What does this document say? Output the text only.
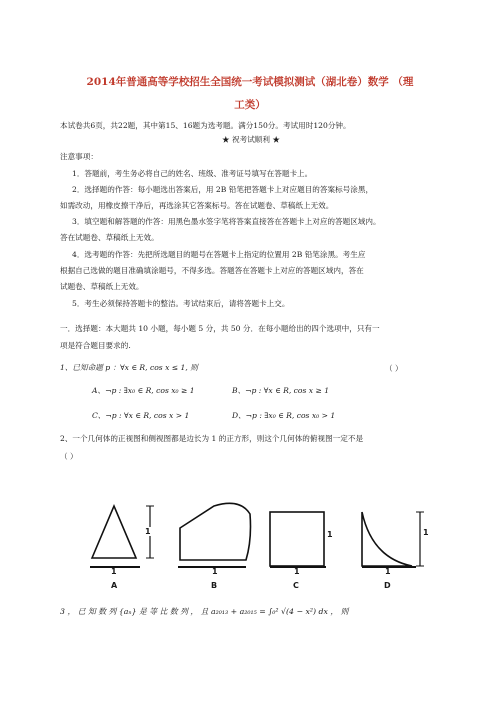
2014年普通高等学校招生全国统一考试模拟测试（湖北卷）数学 （理
工类）
本试卷共6页，共22题，其中第15、16题为选考题。满分150分。考试用时120分钟。
★ 祝考试顺利 ★
注意事项：
1．答题前，考生务必将自己的姓名、班级、准考证号填写在答题卡上。
2．选择题的作答：每小题选出答案后，用 2B 铅笔把答题卡上对应题目的答案标号涂黑，
如需改动，用橡皮擦干净后，再选涂其它答案标号。答在试题卷、草稿纸上无效。
3．填空题和解答题的作答：用黑色墨水签字笔将答案直接答在答题卡上对应的答题区域内。
答在试题卷、草稿纸上无效。
4．选考题的作答：先把所选题目的题号在答题卡上指定的位置用 2B 铅笔涂黑。考生应
根据自己选做的题目准确填涂题号，不得多选。答题答在答题卡上对应的答题区域内，答在
试题卷、草稿纸上无效。
5．考生必须保持答题卡的整洁。考试结束后，请将答题卡上交。
一．选择题：本大题共 10 小题，每小题 5 分，共 50 分．在每小题给出的四个选项中，只有一
项是符合题目要求的.
1、已知命题 p ：∀x ∈ R, cos x ≤ 1, 则	（ ）
A、¬p : ∃x₀ ∈ R, cos x₀ ≥ 1	B、¬p : ∀x ∈ R, cos x ≥ 1
C、¬p : ∀x ∈ R, cos x > 1	D、¬p : ∃x₀ ∈ R, cos x₀ > 1
2、一个几何体的正视图和侧视图都是边长为 1 的正方形，则这个几何体的俯视图一定不是
（ ）
1
1
A
1
B
1
1
C
1
1
D
3 ， 已 知 数 列 {aₙ} 是 等 比 数 列 ， 且 a₂₀₁₃ + a₂₀₁₅ = ∫₀² √(4 − x²) dx ， 则
